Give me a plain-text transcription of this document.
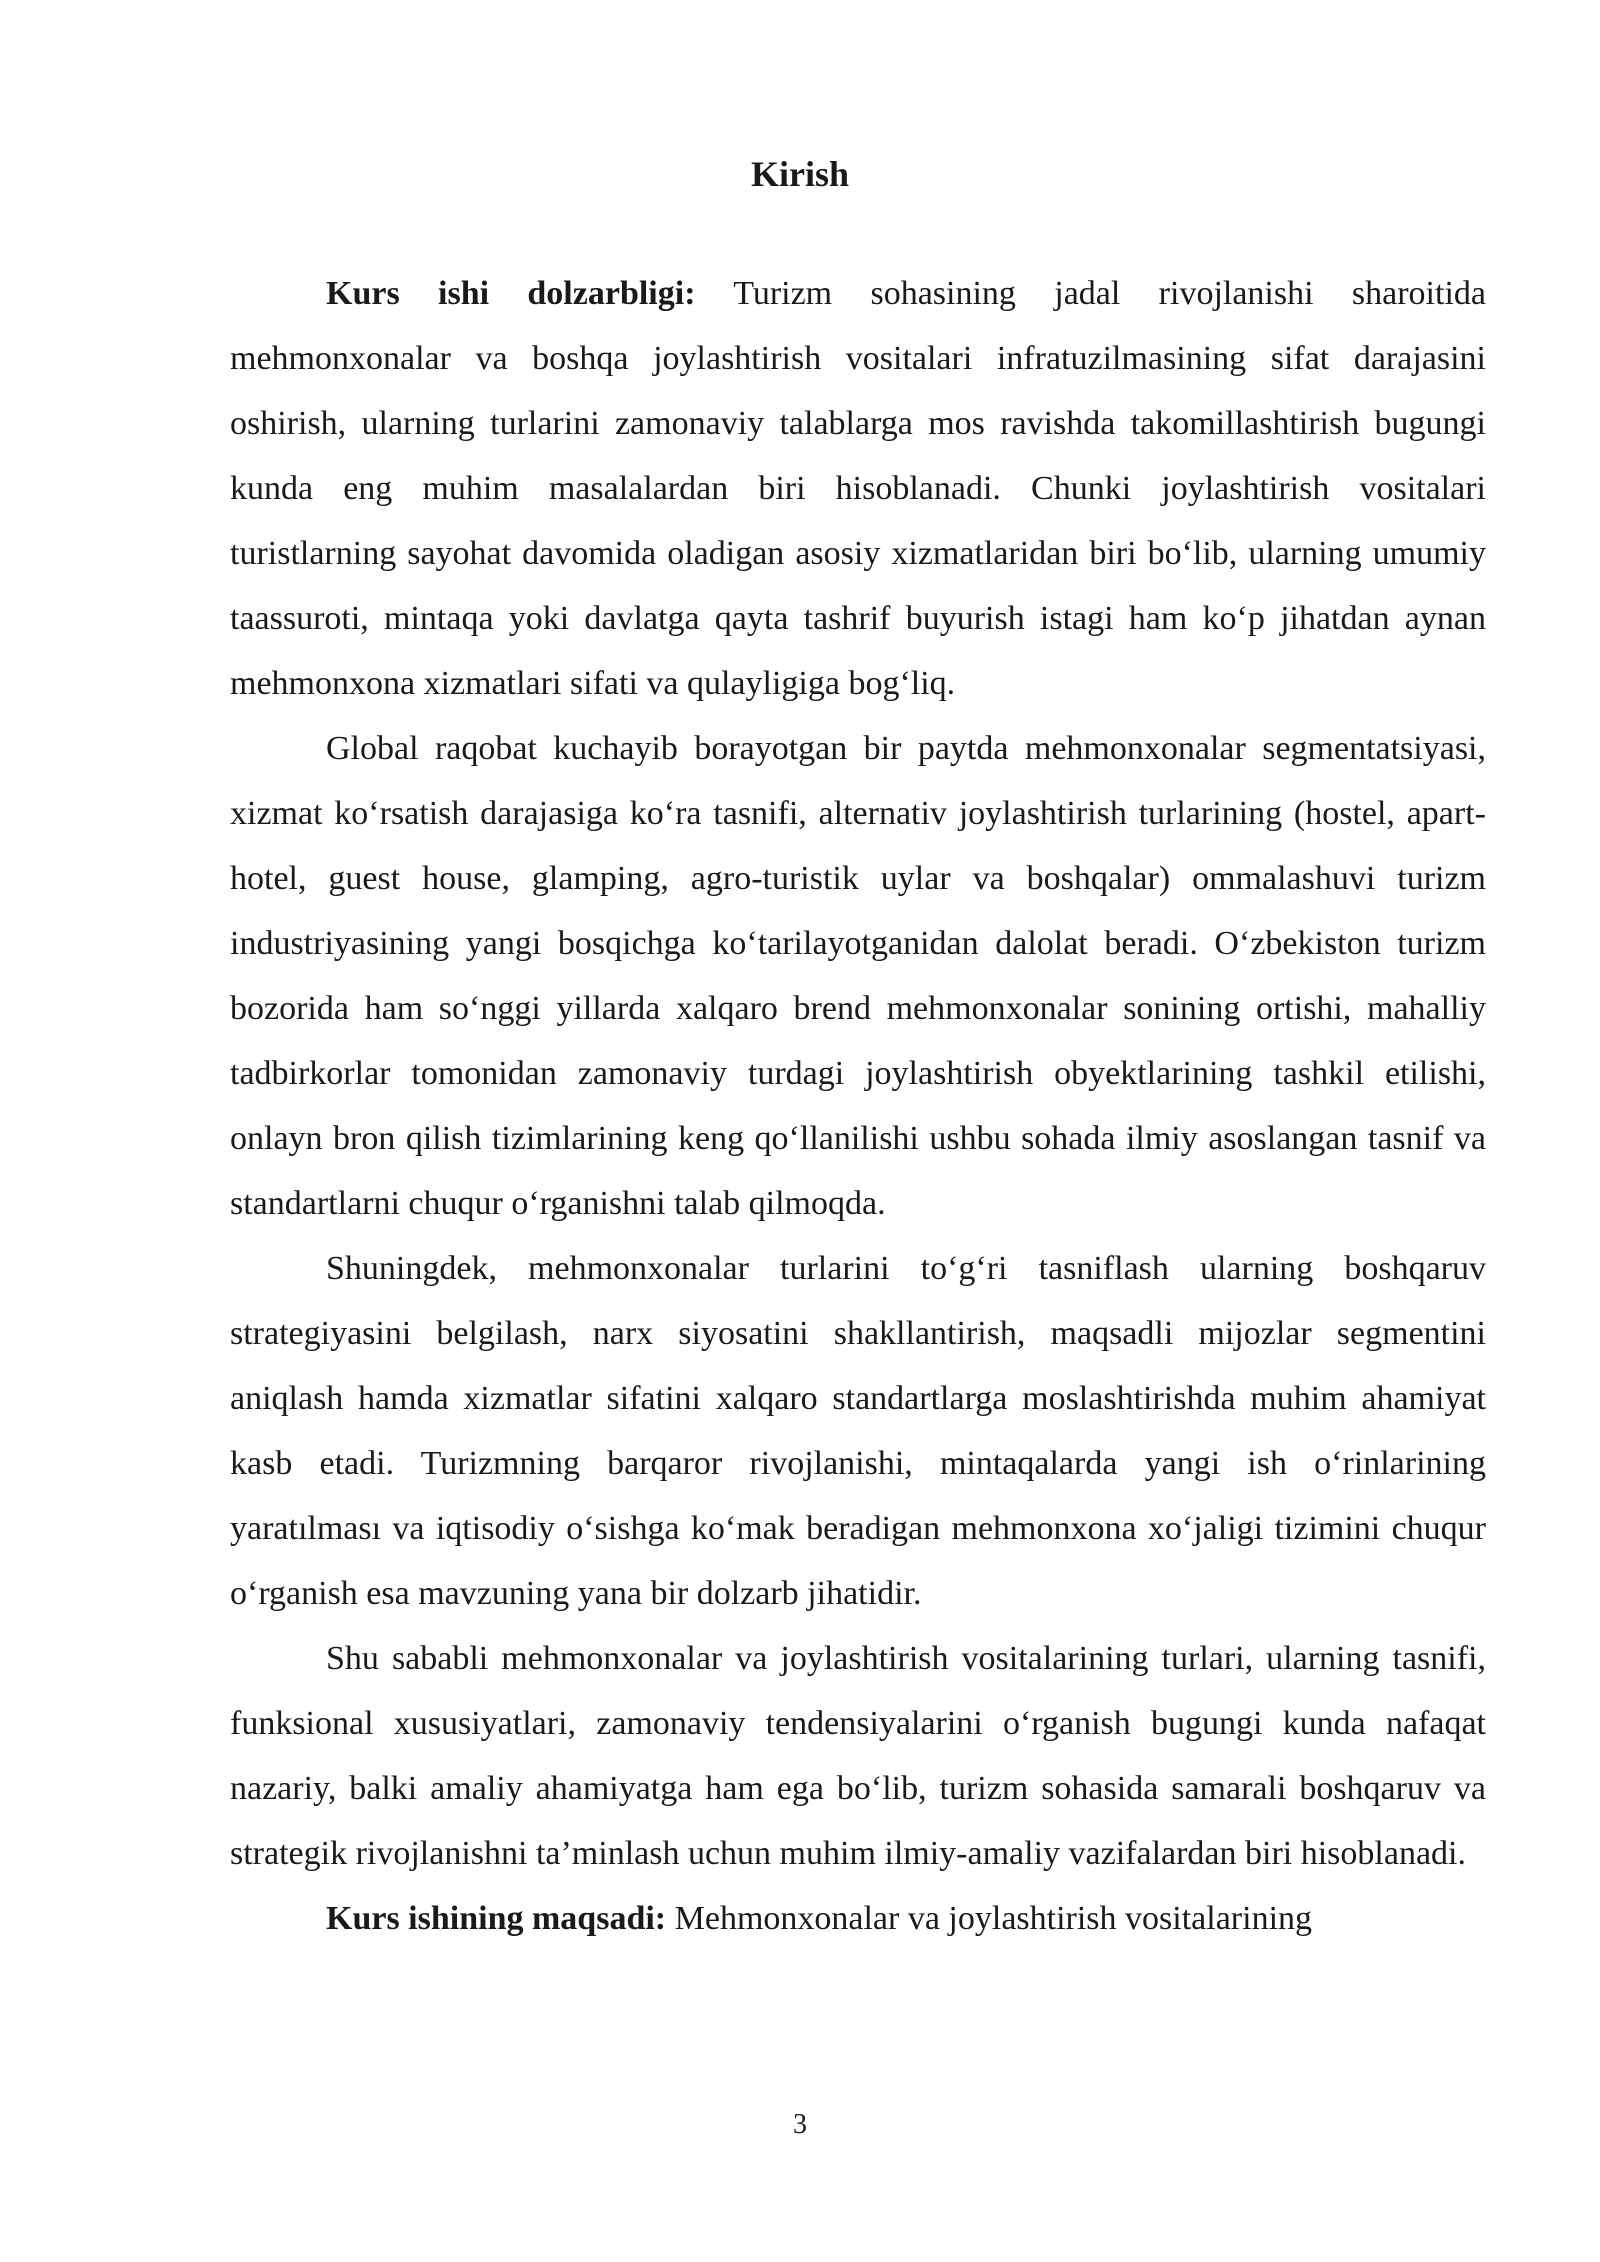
Kirish

Kurs ishi dolzarbligi: Turizm sohasining jadal rivojlanishi sharoitida mehmonxonalar va boshqa joylashtirish vositalari infratuzilmasining sifat darajasini oshirish, ularning turlarini zamonaviy talablarga mos ravishda takomillashtirish bugungi kunda eng muhim masalalardan biri hisoblanadi. Chunki joylashtirish vositalari turistlarning sayohat davomida oladigan asosiy xizmatlaridan biri bo‘lib, ularning umumiy taassuroti, mintaqa yoki davlatga qayta tashrif buyurish istagi ham ko‘p jihatdan aynan mehmonxona xizmatlari sifati va qulayligiga bog‘liq.

Global raqobat kuchayib borayotgan bir paytda mehmonxonalar segmentatsiyasi, xizmat ko‘rsatish darajasiga ko‘ra tasnifi, alternativ joylashtirish turlarining (hostel, apart-hotel, guest house, glamping, agro-turistik uylar va boshqalar) ommalashuvi turizm industriyasining yangi bosqichga ko‘tarilayotganidan dalolat beradi. O‘zbekiston turizm bozorida ham so‘nggi yillarda xalqaro brend mehmonxonalar sonining ortishi, mahalliy tadbirkorlar tomonidan zamonaviy turdagi joylashtirish obyektlarining tashkil etilishi, onlayn bron qilish tizimlarining keng qo‘llanilishi ushbu sohada ilmiy asoslangan tasnif va standartlarni chuqur o‘rganishni talab qilmoqda.

Shuningdek, mehmonxonalar turlarini to‘g‘ri tasniflash ularning boshqaruv strategiyasini belgilash, narx siyosatini shakllantirish, maqsadli mijozlar segmentini aniqlash hamda xizmatlar sifatini xalqaro standartlarga moslashtirishda muhim ahamiyat kasb etadi. Turizmning barqaror rivojlanishi, mintaqalarda yangi ish o‘rinlarining yaratılması va iqtisodiy o‘sishga ko‘mak beradigan mehmonxona xo‘jaligi tizimini chuqur o‘rganish esa mavzuning yana bir dolzarb jihatidir.

Shu sababli mehmonxonalar va joylashtirish vositalarining turlari, ularning tasnifi, funksional xususiyatlari, zamonaviy tendensiyalarini o‘rganish bugungi kunda nafaqat nazariy, balki amaliy ahamiyatga ham ega bo‘lib, turizm sohasida samarali boshqaruv va strategik rivojlanishni ta’minlash uchun muhim ilmiy-amaliy vazifalardan biri hisoblanadi.

Kurs ishining maqsadi: Mehmonxonalar va joylashtirish vositalarining

3
